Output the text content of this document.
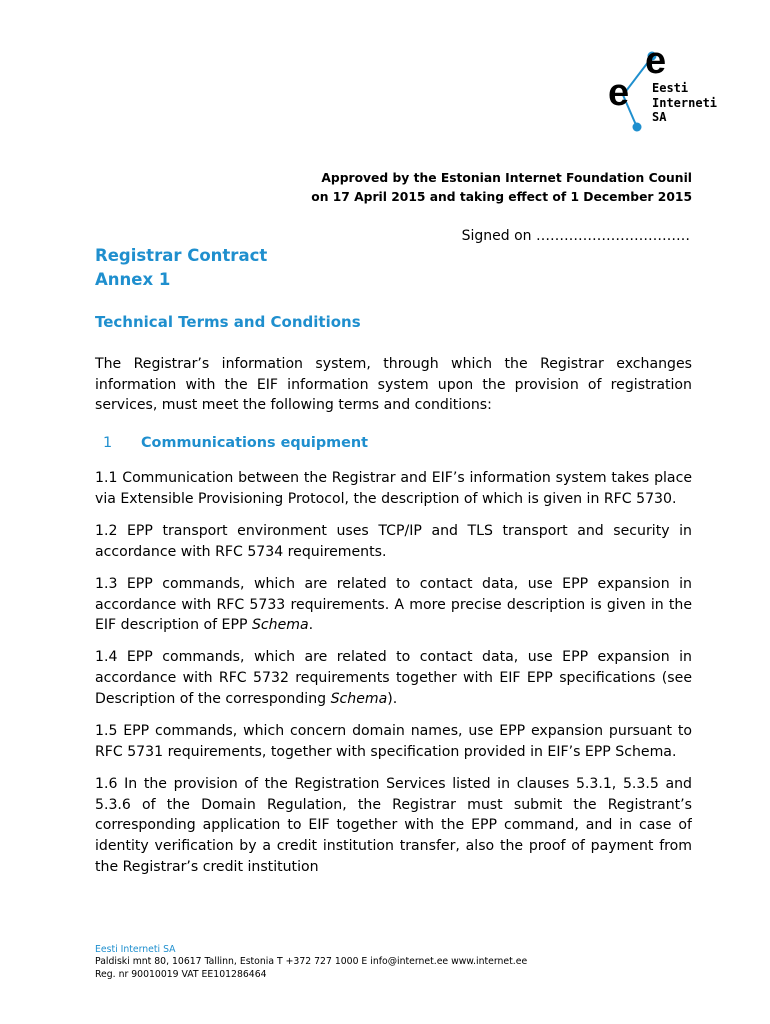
e
e Eesti
Interneti
SA
Approved by the Estonian Internet Foundation Counil
on 17 April 2015 and taking effect of 1 December 2015
Signed on ……………………………
Registrar Contract
Annex 1
Technical Terms and Conditions
The Registrar’s information system, through which the Registrar exchanges information with the EIF information system upon the provision of registration services, must meet the following terms and conditions:
1 Communications equipment

1.1 Communication between the Registrar and EIF’s information system takes place via Extensible Provisioning Protocol, the description of which is given in RFC 5730.

1.2 EPP transport environment uses TCP/IP and TLS transport and security in accordance with RFC 5734 requirements.

1.3 EPP commands, which are related to contact data, use EPP expansion in accordance with RFC 5733 requirements. A more precise description is given in the EIF description of EPP Schema.

1.4 EPP commands, which are related to contact data, use EPP expansion in accordance with RFC 5732 requirements together with EIF EPP specifications (see Description of the corresponding Schema).

1.5 EPP commands, which concern domain names, use EPP expansion pursuant to RFC 5731 requirements, together with specification provided in EIF’s EPP Schema.

1.6 In the provision of the Registration Services listed in clauses 5.3.1, 5.3.5 and 5.3.6 of the Domain Regulation, the Registrar must submit the Registrant’s corresponding application to EIF together with the EPP command, and in case of identity verification by a credit institution transfer, also the proof of payment from the Registrar’s credit institution

Eesti Interneti SA
Paldiski mnt 80, 10617 Tallinn, Estonia T +372 727 1000 E info@internet.ee www.internet.ee
Reg. nr 90010019 VAT EE101286464
